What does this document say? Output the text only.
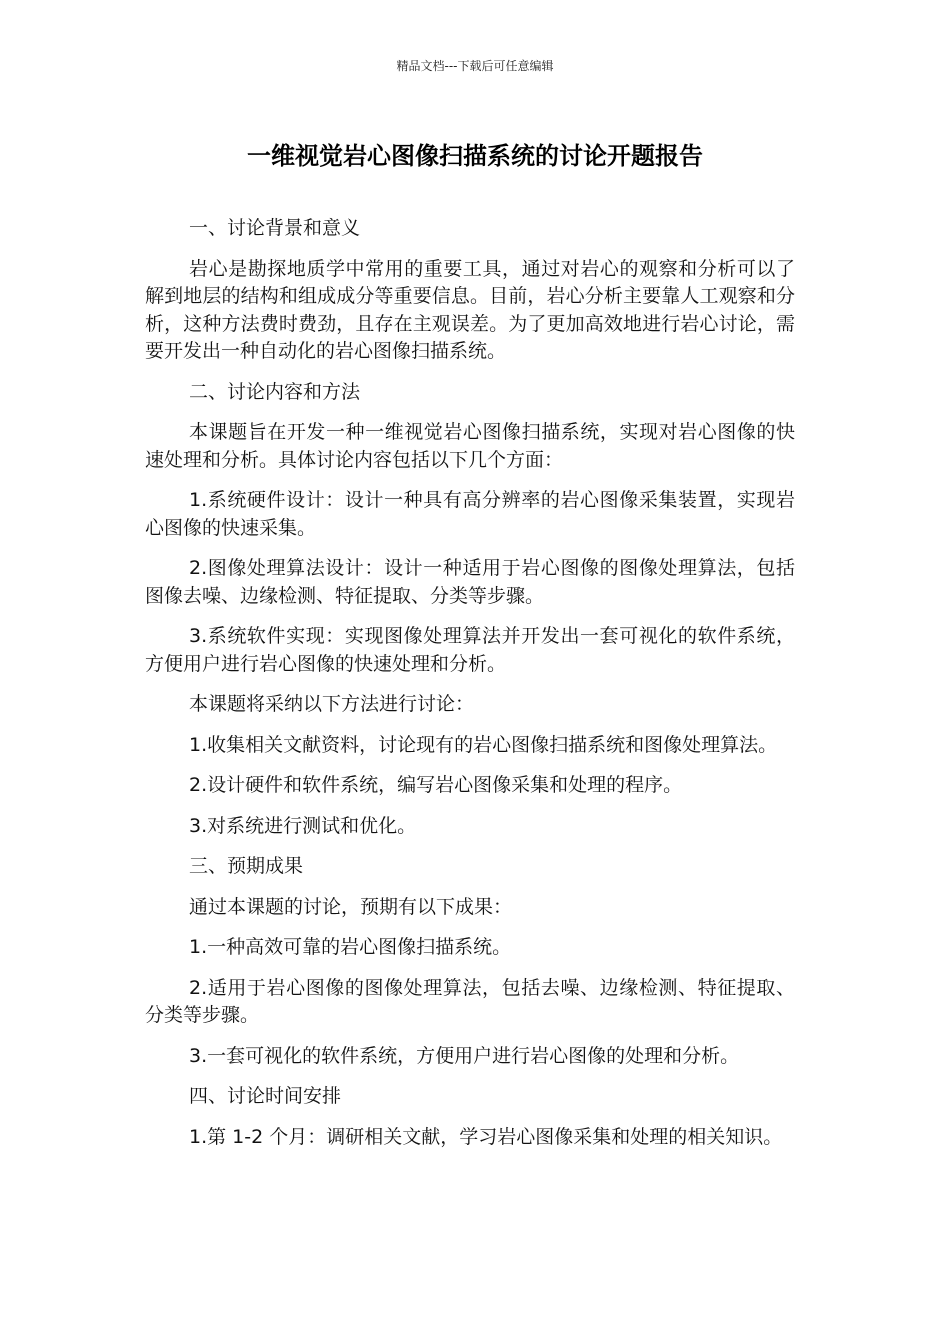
精品文档---下载后可任意编辑
一维视觉岩心图像扫描系统的讨论开题报告

一、讨论背景和意义

岩心是勘探地质学中常用的重要工具，通过对岩心的观察和分析可以了解到地层的结构和组成成分等重要信息。目前，岩心分析主要靠人工观察和分析，这种方法费时费劲，且存在主观误差。为了更加高效地进行岩心讨论，需要开发出一种自动化的岩心图像扫描系统。

二、讨论内容和方法

本课题旨在开发一种一维视觉岩心图像扫描系统，实现对岩心图像的快速处理和分析。具体讨论内容包括以下几个方面：

1.系统硬件设计：设计一种具有高分辨率的岩心图像采集装置，实现岩心图像的快速采集。

2.图像处理算法设计：设计一种适用于岩心图像的图像处理算法，包括图像去噪、边缘检测、特征提取、分类等步骤。

3.系统软件实现：实现图像处理算法并开发出一套可视化的软件系统，方便用户进行岩心图像的快速处理和分析。

本课题将采纳以下方法进行讨论：

1.收集相关文献资料，讨论现有的岩心图像扫描系统和图像处理算法。

2.设计硬件和软件系统，编写岩心图像采集和处理的程序。

3.对系统进行测试和优化。

三、预期成果

通过本课题的讨论，预期有以下成果：

1.一种高效可靠的岩心图像扫描系统。

2.适用于岩心图像的图像处理算法，包括去噪、边缘检测、特征提取、分类等步骤。

3.一套可视化的软件系统，方便用户进行岩心图像的处理和分析。

四、讨论时间安排

1.第 1-2 个月：调研相关文献，学习岩心图像采集和处理的相关知识。
